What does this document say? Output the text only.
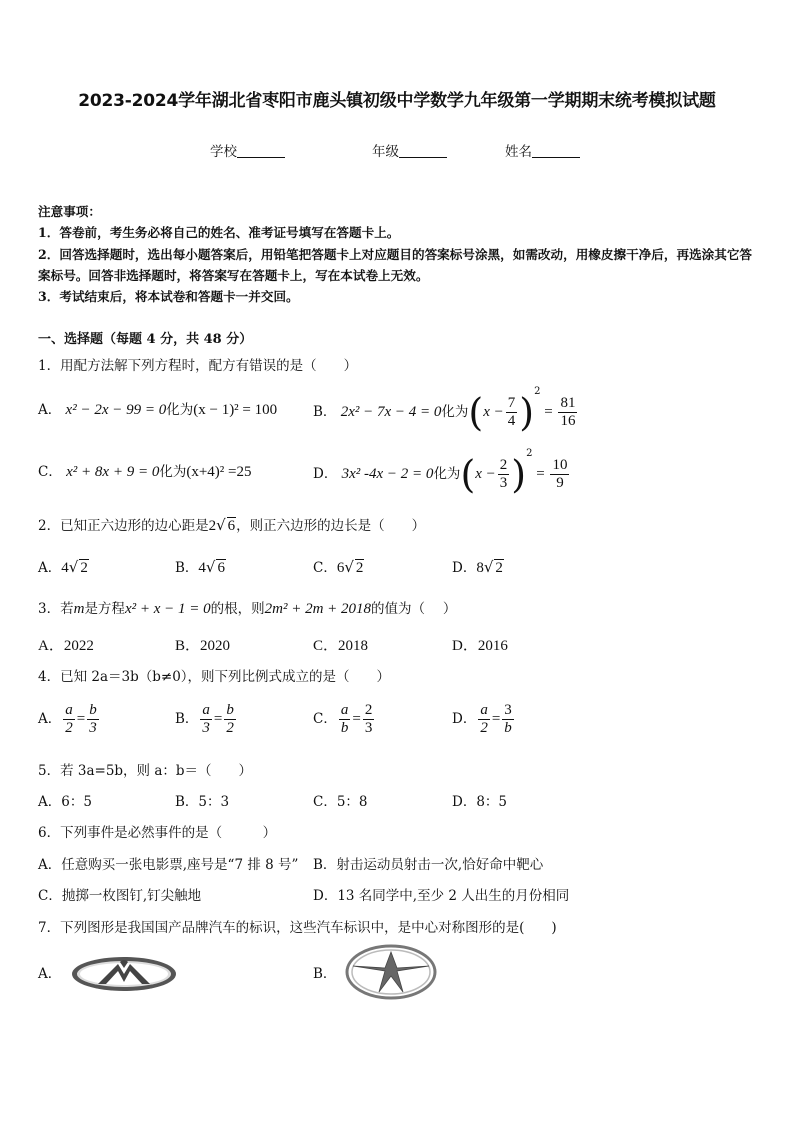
2023-2024学年湖北省枣阳市鹿头镇初级中学数学九年级第一学期期末统考模拟试题
学校	年级	姓名

注意事项：

1．答卷前，考生务必将自己的姓名、准考证号填写在答题卡上。

2．回答选择题时，选出每小题答案后，用铅笔把答题卡上对应题目的答案标号涂黑，如需改动，用橡皮擦干净后，再选涂其它答案标号。回答非选择题时，将答案写在答题卡上，写在本试卷上无效。

3．考试结束后，将本试卷和答题卡一并交回。

一、选择题（每题 4 分，共 48 分）
1．用配方法解下列方程时，配方有错误的是（　　）
A． x² − 2x − 99 = 0化为(x − 1)² = 100	B． 2x² − 7x − 4 = 0化为$(x - \frac{7}{4} )^2 = \frac{81}{16}$
C． x² + 8x + 9 = 0化为(x+4)² =25	D． 3x² -4x − 2 = 0化为$(x - \frac{2}{3} )^2 = \frac{10}{9}$
2．已知正六边形的边心距是2√ 6，则正六边形的边长是（　　）
A．4√ 2	B．4√ 6	C．6√ 2	D．8√ 2
3．若m是方程x² + x − 1 = 0的根，则2m² + 2m + 2018的值为（　 ）
A．2022	B．2020	C．2018	D．2016
4．已知 2a＝3b（b≠0），则下列比例式成立的是（　　）
A． $\frac{a}{2} = \frac{b}{3}$	B． $\frac{a}{3} = \frac{b}{2}$	C． $\frac{a}{b} = \frac{2}{3}$	D． $\frac{a}{2} = \frac{3}{b}$
5．若 3a=5b，则 a：b＝（　　）
A．6：5	B．5：3	C．5：8	D．8：5
6．下列事件是必然事件的是（　　　）
A．任意购买一张电影票,座号是“7 排 8 号” B．射击运动员射击一次,恰好命中靶心
C．抛掷一枚图钉,钉尖触地	D．13 名同学中,至少 2 人出生的月份相同
7．下列图形是我国国产品牌汽车的标识，这些汽车标识中，是中心对称图形的是(　　)
A．	B．
